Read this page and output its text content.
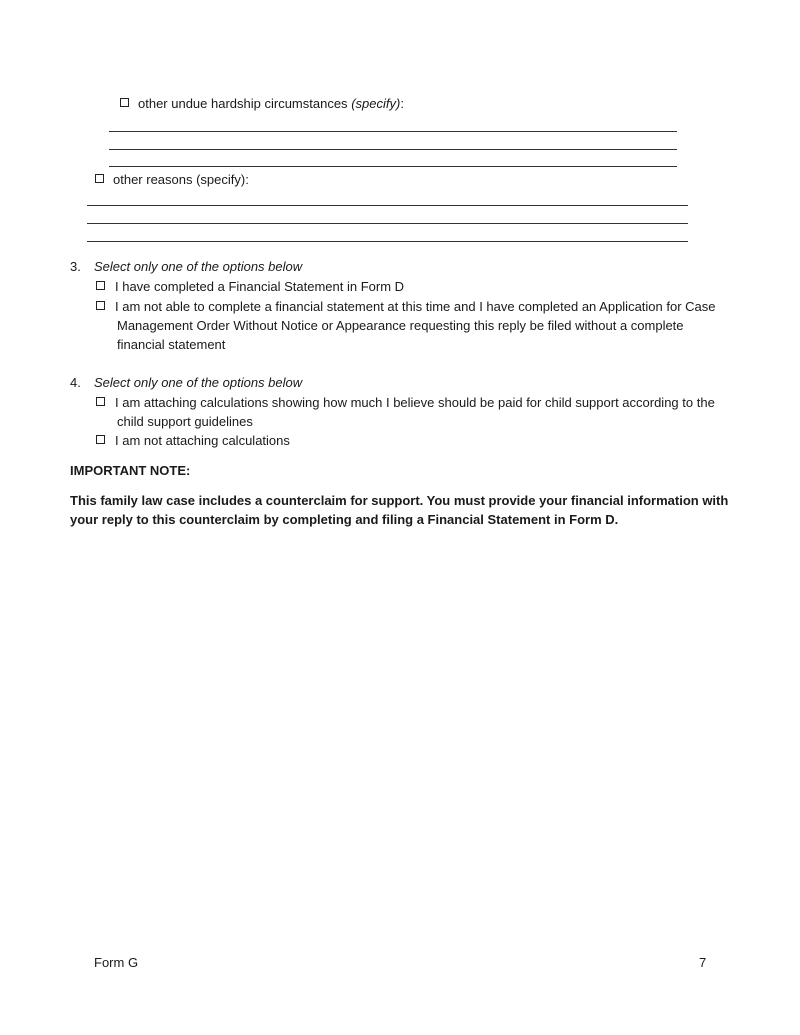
other undue hardship circumstances (specify):
other reasons (specify):
3. Select only one of the options below
I have completed a Financial Statement in Form D
I am not able to complete a financial statement at this time and I have completed an Application for Case
Management Order Without Notice or Appearance requesting this reply be filed without a complete
financial statement
4. Select only one of the options below
I am attaching calculations showing how much I believe should be paid for child support according to the
child support guidelines
I am not attaching calculations
IMPORTANT NOTE:
This family law case includes a counterclaim for support. You must provide your financial information with
your reply to this counterclaim by completing and filing a Financial Statement in Form D.
Form G	7
